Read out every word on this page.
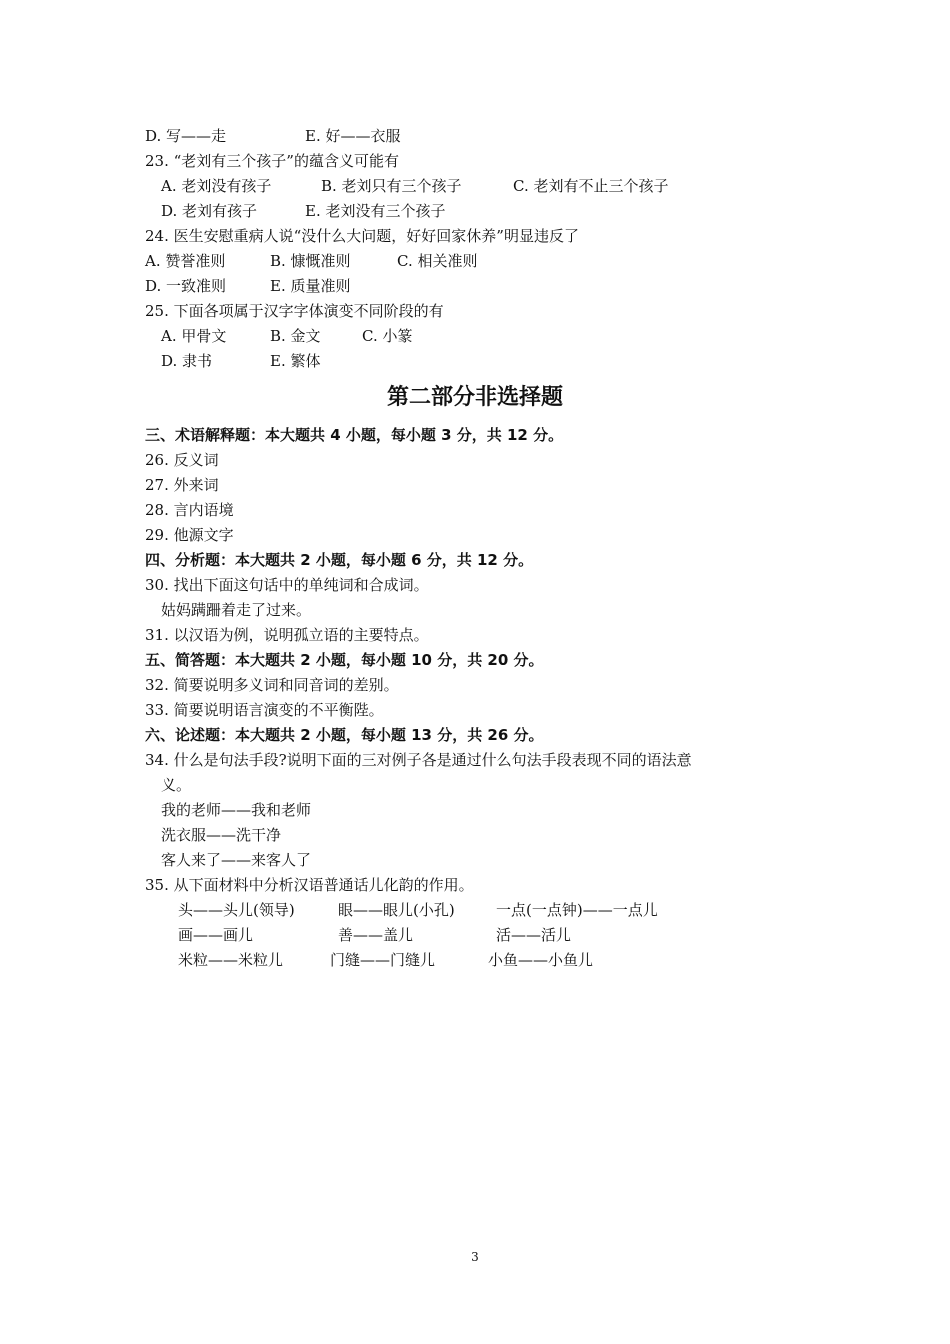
D. 写——走	E. 好——衣服
23. “老刘有三个孩子”的蕴含义可能有
A. 老刘没有孩子	B. 老刘只有三个孩子	C. 老刘有不止三个孩子
D. 老刘有孩子	E. 老刘没有三个孩子
24. 医生安慰重病人说“没什么大问题，好好回家休养”明显违反了
A. 赞誉准则	B. 慷慨准则	C. 相关准则
D. 一致准则	E. 质量准则
25. 下面各项属于汉字字体演变不同阶段的有
A. 甲骨文	B. 金文	C. 小篆
D. 隶书	E. 繁体
第二部分非选择题
三、术语解释题：本大题共 4 小题，每小题 3 分，共 12 分。
26. 反义词
27. 外来词
28. 言内语境
29. 他源文字
四、分析题：本大题共 2 小题，每小题 6 分，共 12 分。
30. 找出下面这句话中的单纯词和合成词。
姑妈蹒跚着走了过来。
31. 以汉语为例，说明孤立语的主要特点。
五、简答题：本大题共 2 小题，每小题 10 分，共 20 分。
32. 简要说明多义词和同音词的差别。
33. 简要说明语言演变的不平衡陛。
六、论述题：本大题共 2 小题，每小题 13 分，共 26 分。
34. 什么是句法手段?说明下面的三对例子各是通过什么句法手段表现不同的语法意
义。
我的老师——我和老师
洗衣服——洗干净
客人来了——来客人了
35. 从下面材料中分析汉语普通话儿化韵的作用。
头——头儿(领导)	眼——眼儿(小孔)	一点(一点钟)——一点儿
画——画儿	善——盖儿	活——活儿
米粒——米粒儿	门缝——门缝儿	小鱼——小鱼儿
3
